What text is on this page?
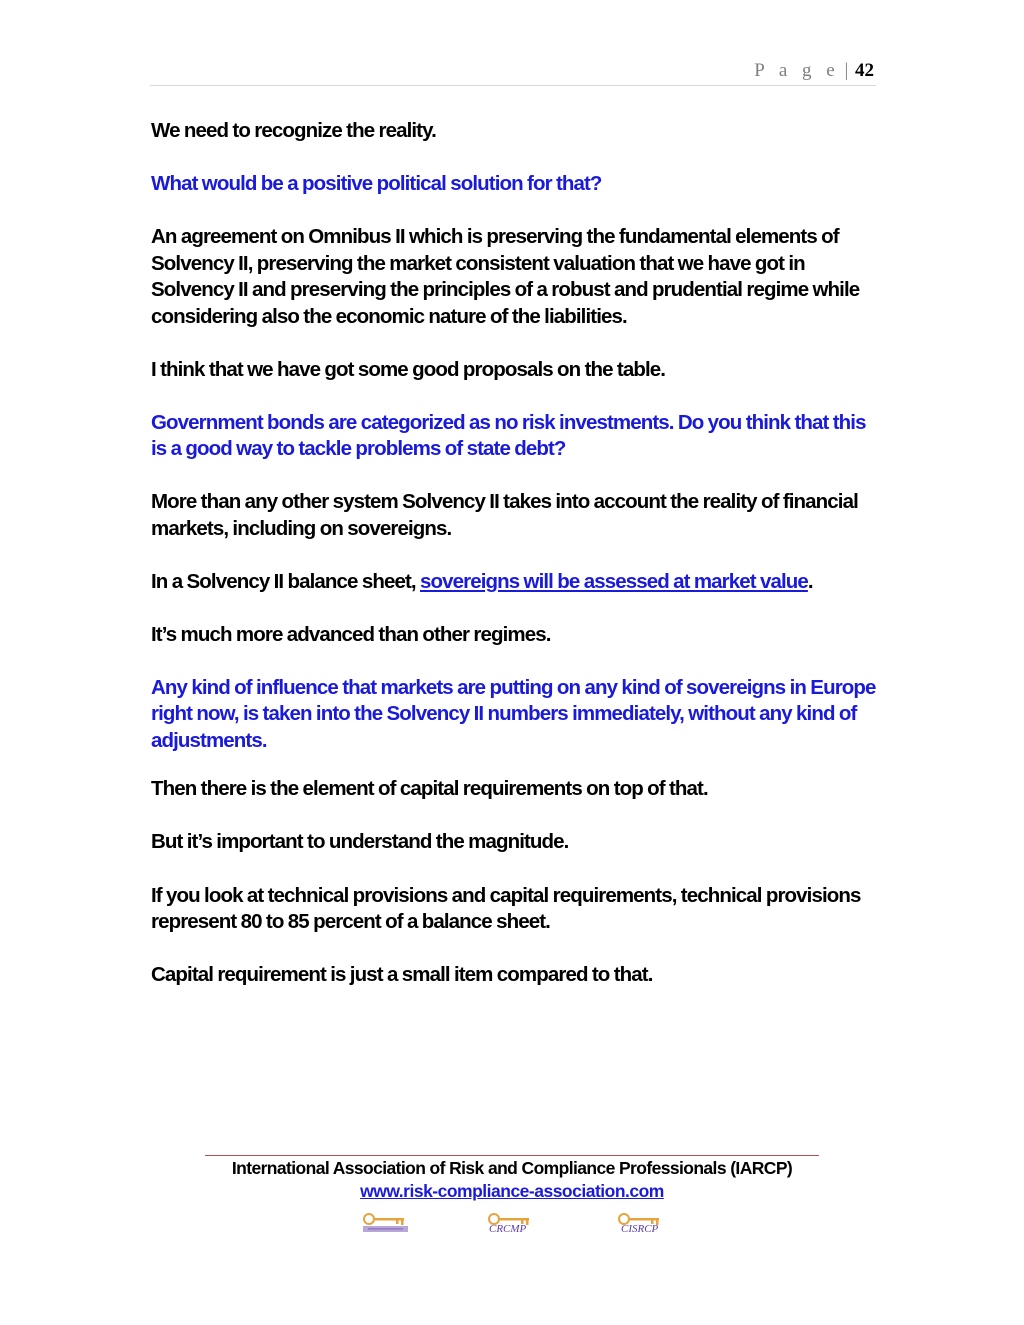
P a g e | 42

We need to recognize the reality.

What would be a positive political solution for that?

An agreement on Omnibus II which is preserving the fundamental elements of Solvency II, preserving the market consistent valuation that we have got in Solvency II and preserving the principles of a robust and prudential regime while considering also the economic nature of the liabilities.

I think that we have got some good proposals on the table.

Government bonds are categorized as no risk investments. Do you think that this is a good way to tackle problems of state debt?

More than any other system Solvency II takes into account the reality of financial markets, including on sovereigns.

In a Solvency II balance sheet, sovereigns will be assessed at market value.

It’s much more advanced than other regimes.

Any kind of influence that markets are putting on any kind of sovereigns in Europe right now, is taken into the Solvency II numbers immediately, without any kind of adjustments.

Then there is the element of capital requirements on top of that.

But it’s important to understand the magnitude.

If you look at technical provisions and capital requirements, technical provisions represent 80 to 85 percent of a balance sheet.

Capital requirement is just a small item compared to that.

International Association of Risk and Compliance Professionals (IARCP)
www.risk-compliance-association.com
CRCMP	CISRCP
